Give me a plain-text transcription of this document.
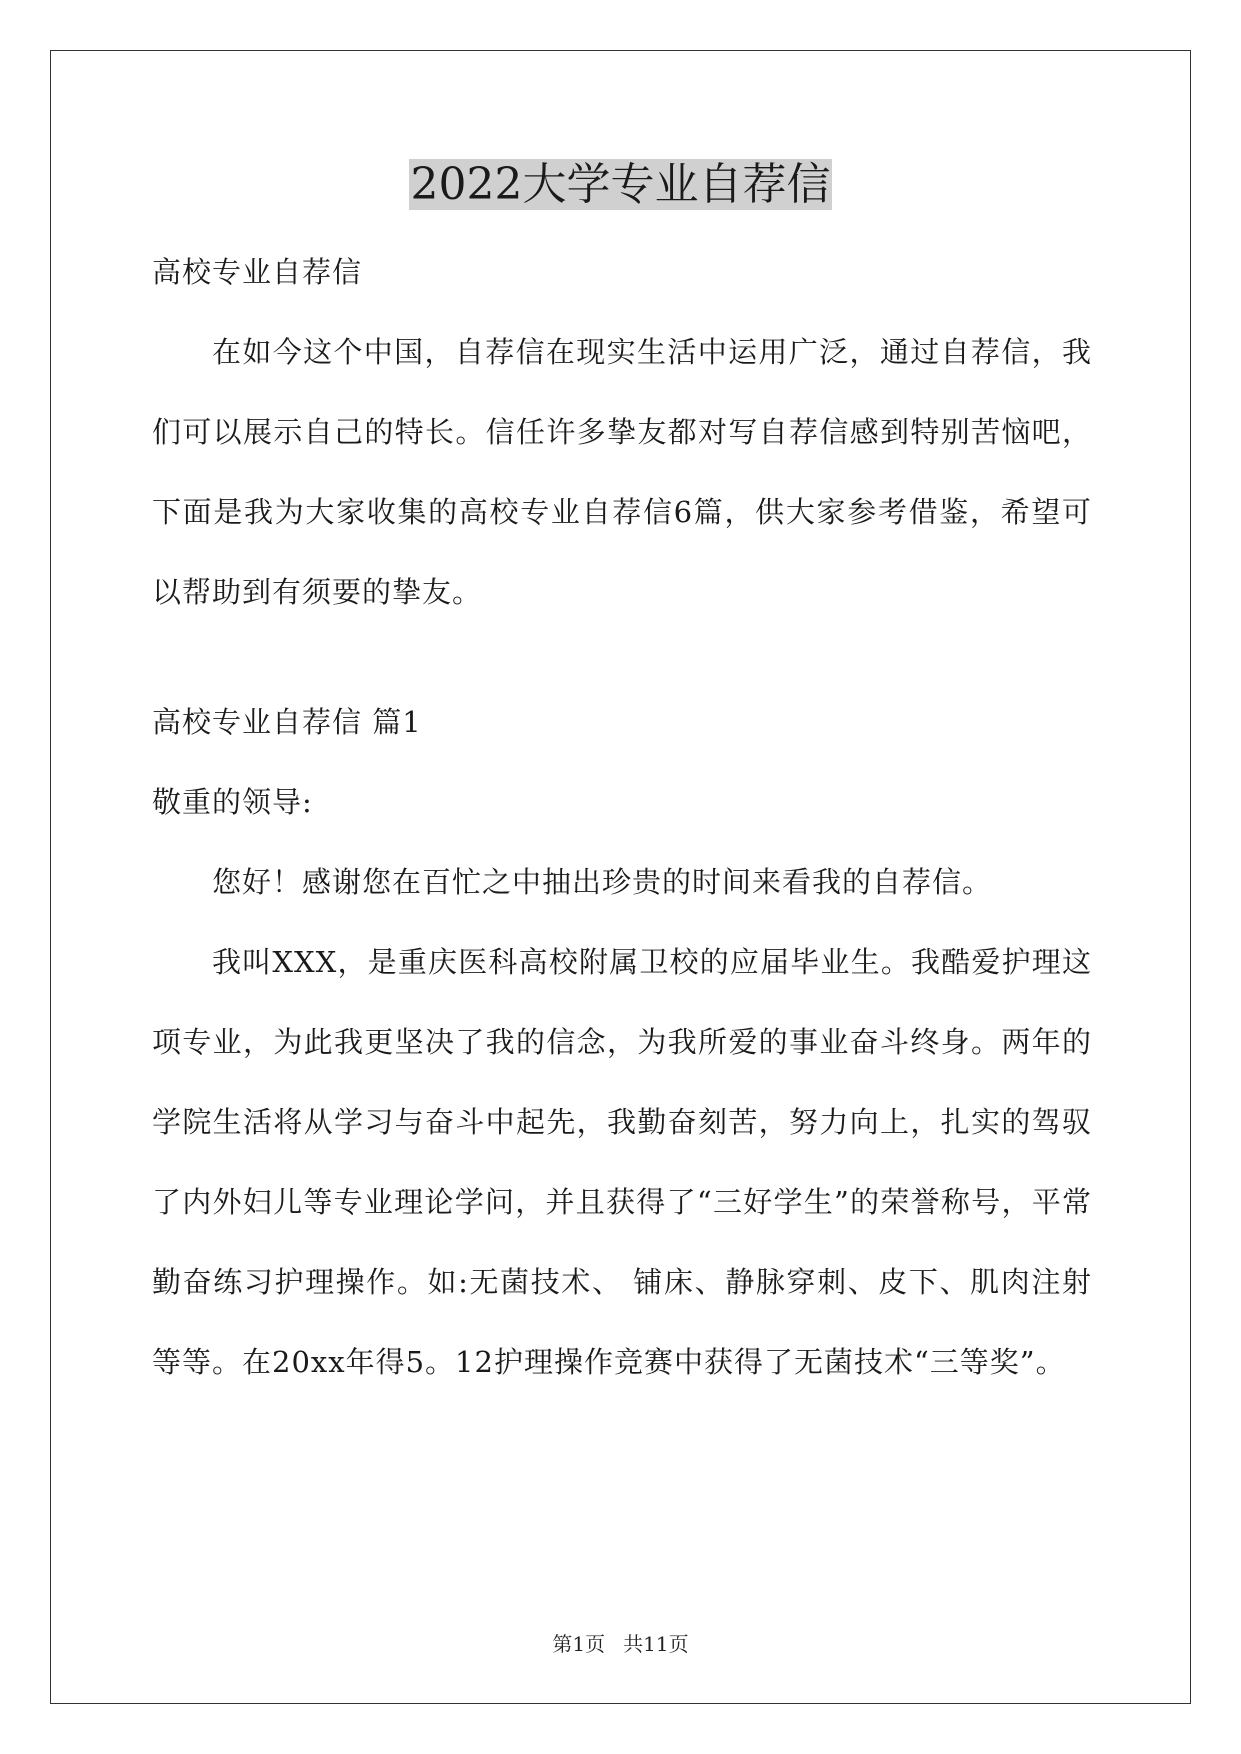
2022大学专业自荐信

高校专业自荐信

在如今这个中国，自荐信在现实生活中运用广泛，通过自荐信，我们可以展示自己的特长。信任许多挚友都对写自荐信感到特别苦恼吧，下面是我为大家收集的高校专业自荐信6篇，供大家参考借鉴，希望可以帮助到有须要的挚友。

高校专业自荐信 篇1

敬重的领导:

您好！感谢您在百忙之中抽出珍贵的时间来看我的自荐信。

我叫XXX，是重庆医科高校附属卫校的应届毕业生。我酷爱护理这项专业，为此我更坚决了我的信念，为我所爱的事业奋斗终身。两年的学院生活将从学习与奋斗中起先，我勤奋刻苦，努力向上，扎实的驾驭了内外妇儿等专业理论学问，并且获得了“三好学生”的荣誉称号，平常勤奋练习护理操作。如:无菌技术、 铺床、静脉穿刺、皮下、肌肉注射等等。在20xx年得5。12护理操作竞赛中获得了无菌技术“三等奖”。

第1页 共11页
